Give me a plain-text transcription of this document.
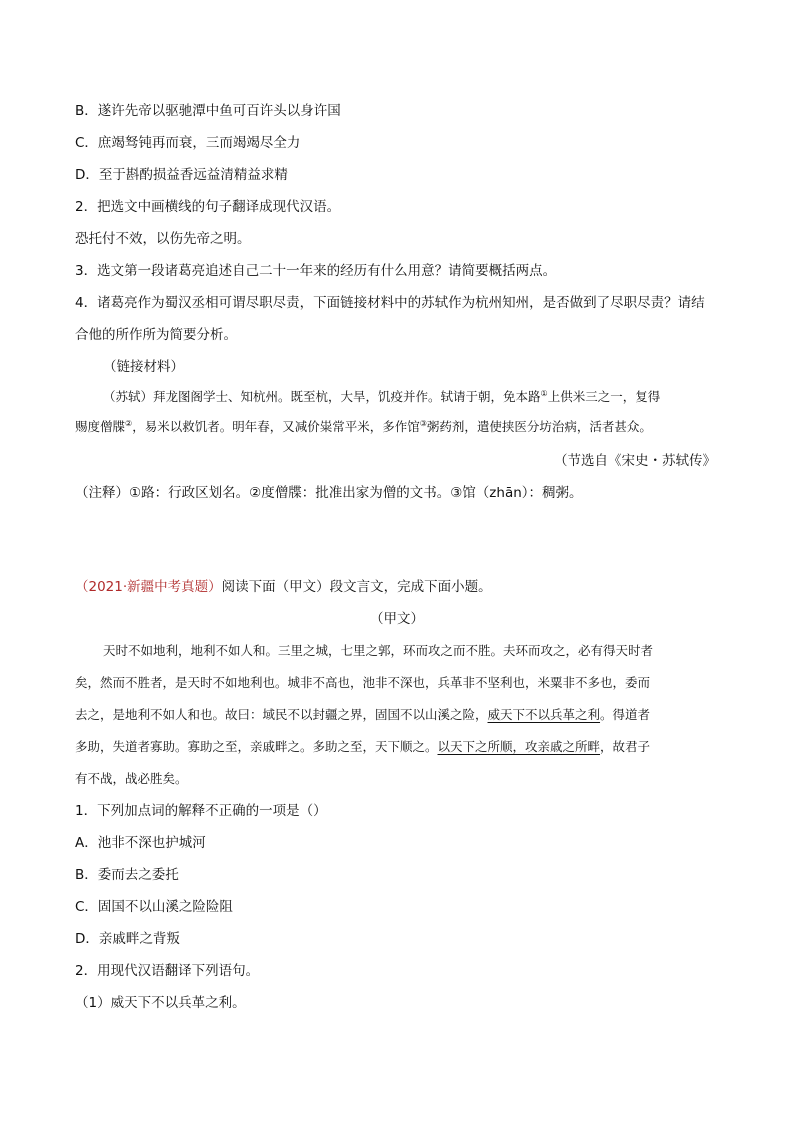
B．遂许先帝以驱驰潭中鱼可百许头以身许国
C．庶竭驽钝再而衰，三而竭竭尽全力
D．至于斟酌损益香远益清精益求精
2．把选文中画横线的句子翻译成现代汉语。
恐托付不效，以伤先帝之明。
3．选文第一段诸葛亮追述自己二十一年来的经历有什么用意？请简要概括两点。
4．诸葛亮作为蜀汉丞相可谓尽职尽责，下面链接材料中的苏轼作为杭州知州，是否做到了尽职尽责？请结
合他的所作所为简要分析。
（链接材料）
（苏轼）拜龙图阁学士、知杭州。既至杭，大旱，饥疫并作。轼请于朝，免本路①上供米三之一，复得
赐度僧牒②，易米以救饥者。明年春，又减价粜常平米，多作馆③粥药剂，遣使挟医分坊治病，活者甚众。
（节选自《宋史・苏轼传》
（注释）①路：行政区划名。②度僧牒：批准出家为僧的文书。③馆（zhān）：稠粥。
（2021·新疆中考真题）阅读下面（甲文）段文言文，完成下面小题。
（甲文）
天时不如地利，地利不如人和。三里之城，七里之郭，环而攻之而不胜。夫环而攻之，必有得天时者
矣，然而不胜者，是天时不如地利也。城非不高也，池非不深也，兵革非不坚利也，米粟非不多也，委而
去之，是地利不如人和也。故曰：域民不以封疆之界，固国不以山溪之险，威天下不以兵革之利。得道者
多助，失道者寡助。寡助之至，亲戚畔之。多助之至，天下顺之。以天下之所顺，攻亲戚之所畔，故君子
有不战，战必胜矣。
1．下列加点词的解释不正确的一项是（）
A．池非不深也护城河
B．委而去之委托
C．固国不以山溪之险险阻
D．亲戚畔之背叛
2．用现代汉语翻译下列语句。
（1）威天下不以兵革之利。
